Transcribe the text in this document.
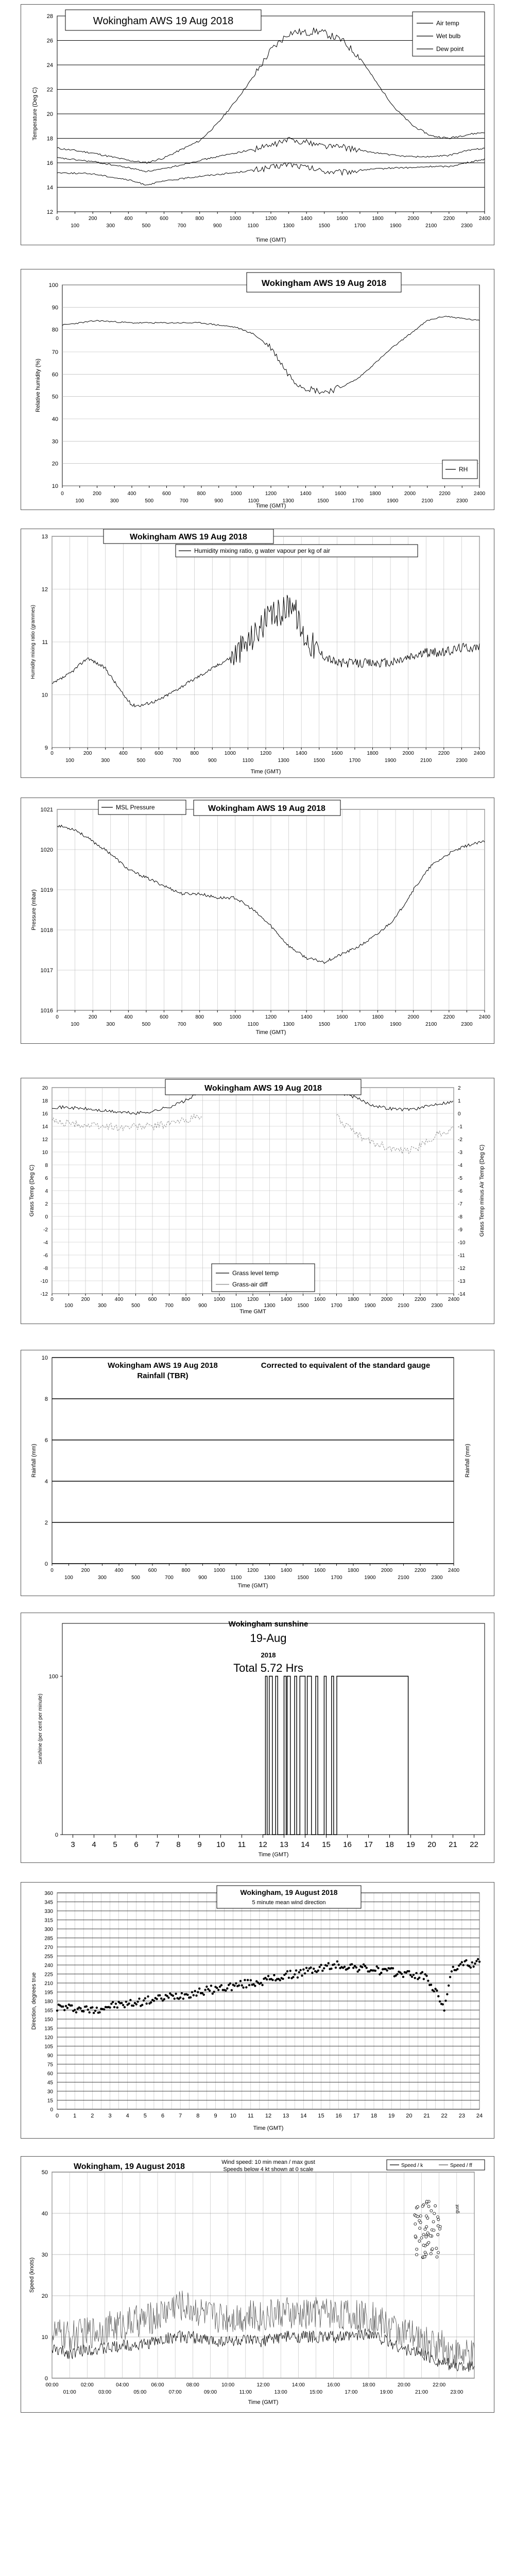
12
14
16
18
20
22
24
26
28
0
100
200
300
400
500
600
700
800
900
1000
1100
1200
1300
1400
1500
1600
1700
1800
1900
2000
2100
2200
2300
2400
Time (GMT)
Temperature (Deg C)
Wokingham AWS 19 Aug 2018	Air temp
Wet bulb
Dew point
10
20
30
40
50
60
70
80
90
100
0
100
200
300
400
500
600
700
800
900
1000
1100
1200
1300
1400
1500
1600
1700
1800
1900
2000
2100
2200
2300
2400
Time (GMT)
Relative humidity (%)
Wokingham AWS 19 Aug 2018
RH
9
10
11
12
13
0
100
200
300
400
500
600
700
800
900
1000
1100
1200
1300
1400
1500
1600
1700
1800
1900
2000
2100
2200
2300
2400
Time (GMT)
Humidity mixing ratio (grammes)
Wokingham AWS 19 Aug 2018
Humidity mixing ratio, g water vapour per kg of air
1016
1017
1018
1019
1020
1021
0
100
200
300
400
500
600
700
800
900
1000
1100
1200
1300
1400
1500
1600
1700
1800
1900
2000
2100
2200
2300
2400
Time (GMT)
Pressure (mbar)
MSL Pressure	Wokingham AWS 19 Aug 2018
-12
-10
-8
-6
-4
-2
0
2
4
6
8
10
12
14
16
18
20
-14
-13
-12
-11
-10
-9
-8
-7
-6
-5
-4
-3
-2
-1
0
1
2
0
100
200
300
400
500
600
700
800
900
1000
1100
1200
1300
1400
1500
1600
1700
1800
1900
2000
2100
2200
2300
2400
Time GMT
Grass Temp (Deg C)	Grass Temp minus Air Temp (Deg C)
Wokingham AWS 19 Aug 2018
Grass level temp
Grass-air diff
0
2
4
6
8
10
0
100
200
300
400
500
600
700
800
900
1000
1100
1200
1300
1400
1500
1600
1700
1800
1900
2000
2100
2200
2300
2400
Time (GMT)
Rainfall (mm)	Rainfall (mm)
Wokingham AWS 19 Aug 2018
Rainfall (TBR)
Corrected to equivalent of the standard gauge
0
100
3 4 5 6 7 8 9 10 11 12 13 14 15 16 17 18 19 20 21 22
Time (GMT)
Sunshine (per cent per minute)
Wokingham sunshine
19-Aug
2018
Total 5.72 Hrs
0
15
30
45
60
75
90
105
120
135
150
165
180
195
210
225
240
255
270
285
300
315
330
345
360
0	1	2	3	4	5	6	7	8	9 10 11 12 13 14 15 16 17 18 19 20 21 22 23 24
Time (GMT)
Direction, degrees true
Wokingham, 19 August 2018
5 minute mean wind direction
0
10
20
30
40
50
00:00
01:00
02:00
03:00
04:00
05:00
06:00
07:00
08:00
09:00
10:00
11:00
12:00
13:00
14:00
15:00
16:00
17:00
18:00
19:00
20:00
21:00
22:00
23:00
Time (GMT)
Speed (knots)
gust
Wokingham, 19 August 2018	Wind speed: 10 min mean / max gust
Speeds below 4 kt shown at 0 scale
Speed / k	Speed / ff
